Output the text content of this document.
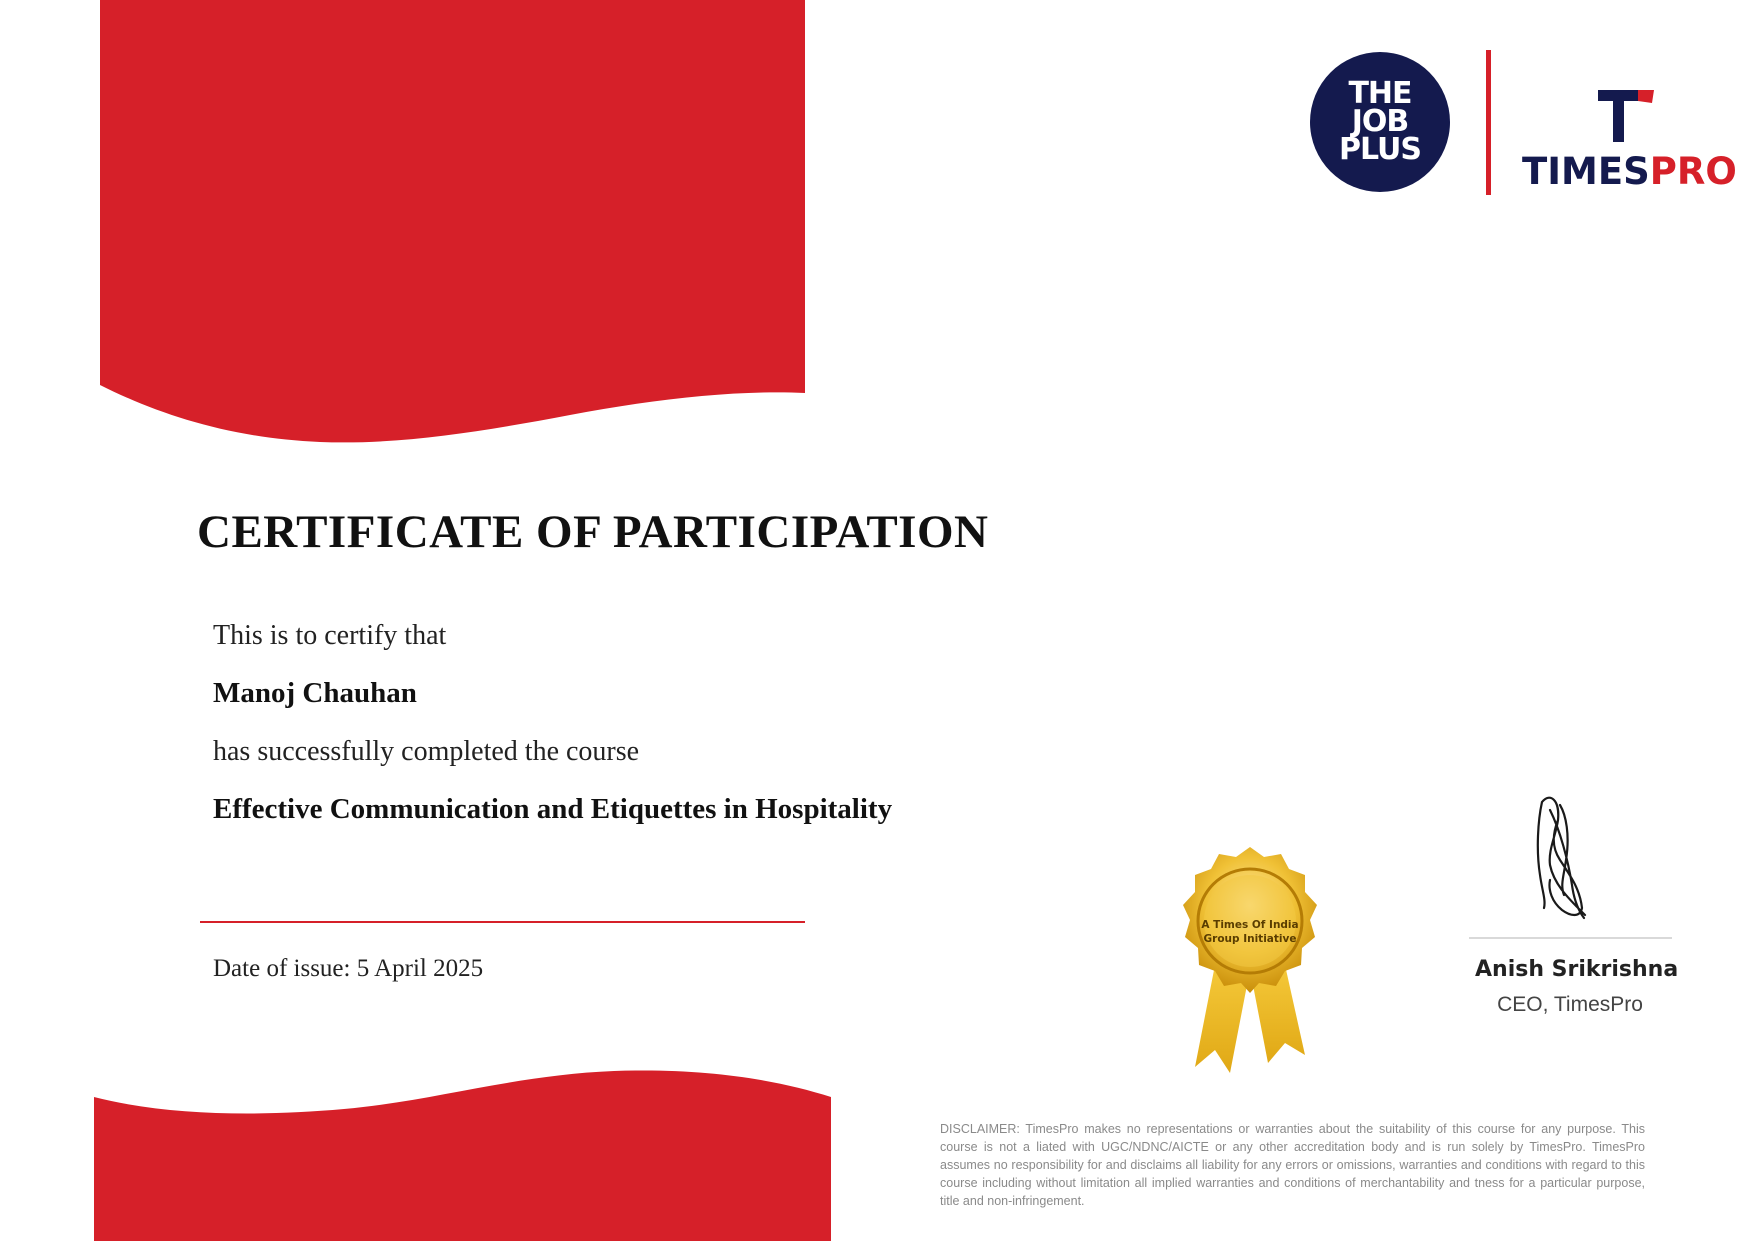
THE
JOB
PLUS
TIMESPRO
CERTIFICATE OF PARTICIPATION
This is to certify that
Manoj Chauhan
has successfully completed the course
Effective Communication and Etiquettes in Hospitality
Date of issue: 5 April 2025
A Times Of India
Group Initiative
Anish Srikrishna
CEO, TimesPro
DISCLAIMER: TimesPro makes no representations or warranties about the suitability of this course for any purpose. This course is not a liated with UGC/NDNC/AICTE or any other accreditation body and is run solely by TimesPro. TimesPro assumes no responsibility for and disclaims all liability for any errors or omissions, warranties and conditions with regard to this course including without limitation all implied warranties and conditions of merchantability and tness for a particular purpose, title and non-infringement.
